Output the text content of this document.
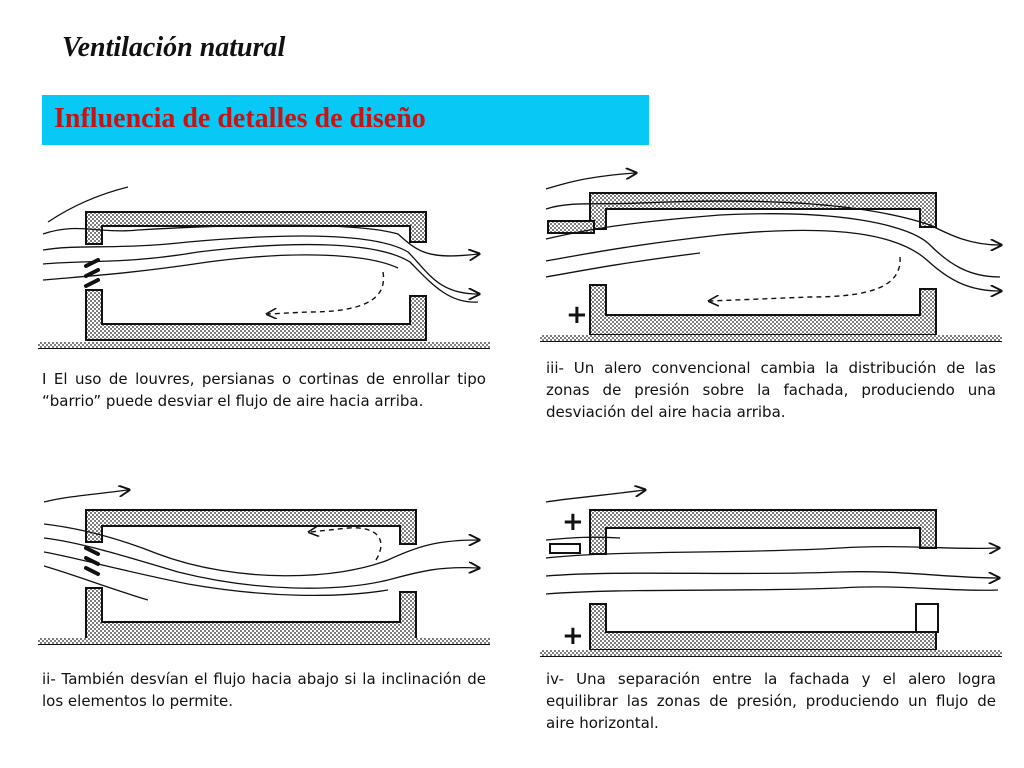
Ventilación natural
Influencia de detalles de diseño
I El uso de louvres, persianas o cortinas de enrollar tipo “barrio” puede desviar el flujo de aire hacia arriba.
+
iii- Un alero convencional cambia la distribución de las zonas de presión sobre la fachada, produciendo una desviación del aire hacia arriba.
ii- También desvían el flujo hacia abajo si la inclinación de los elementos lo permite.
+
+
iv- Una separación entre la fachada y el alero logra equilibrar las zonas de presión, produciendo un flujo de aire horizontal.
